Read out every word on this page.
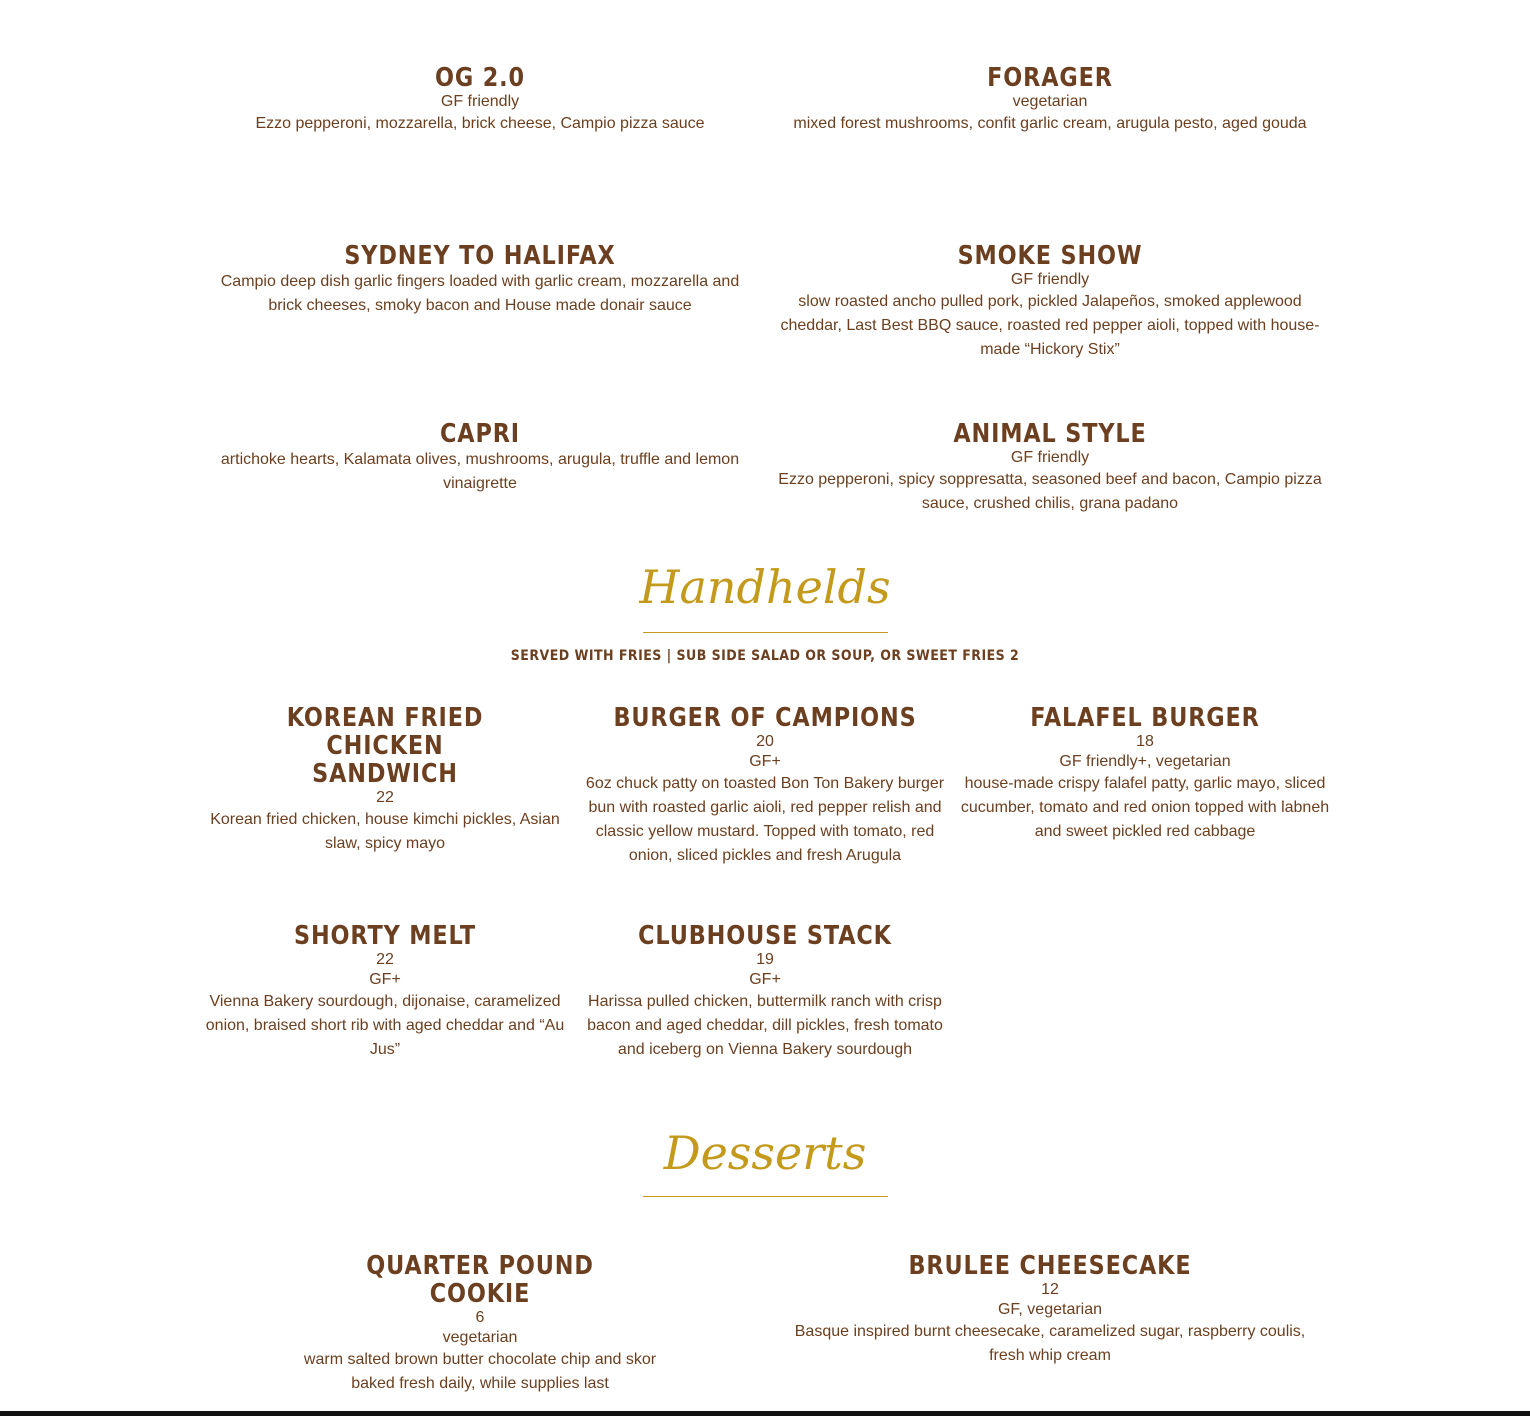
OG 2.0
GF friendly
Ezzo pepperoni, mozzarella, brick cheese, Campio pizza sauce
FORAGER
vegetarian
mixed forest mushrooms, confit garlic cream, arugula pesto, aged gouda
SYDNEY TO HALIFAX
Campio deep dish garlic fingers loaded with garlic cream, mozzarella and brick cheeses, smoky bacon and House made donair sauce
SMOKE SHOW
GF friendly
slow roasted ancho pulled pork, pickled Jalapeños, smoked applewood cheddar, Last Best BBQ sauce, roasted red pepper aioli, topped with house-made “Hickory Stix”
CAPRI
artichoke hearts, Kalamata olives, mushrooms, arugula, truffle and lemon vinaigrette
ANIMAL STYLE
GF friendly
Ezzo pepperoni, spicy soppresatta, seasoned beef and bacon, Campio pizza sauce, crushed chilis, grana padano
Handhelds
SERVED WITH FRIES | SUB SIDE SALAD OR SOUP, OR SWEET FRIES 2
KOREAN FRIED CHICKEN SANDWICH
22
Korean fried chicken, house kimchi pickles, Asian slaw, spicy mayo
BURGER OF CAMPIONS
20
GF+
6oz chuck patty on toasted Bon Ton Bakery burger bun with roasted garlic aioli, red pepper relish and classic yellow mustard. Topped with tomato, red onion, sliced pickles and fresh Arugula
FALAFEL BURGER
18
GF friendly+, vegetarian
house-made crispy falafel patty, garlic mayo, sliced cucumber, tomato and red onion topped with labneh and sweet pickled red cabbage
SHORTY MELT
22
GF+
Vienna Bakery sourdough, dijonaise, caramelized onion, braised short rib with aged cheddar and “Au Jus”
CLUBHOUSE STACK
19
GF+
Harissa pulled chicken, buttermilk ranch with crisp bacon and aged cheddar, dill pickles, fresh tomato and iceberg on Vienna Bakery sourdough
Desserts
QUARTER POUND COOKIE
6
vegetarian
warm salted brown butter chocolate chip and skor baked fresh daily, while supplies last
BRULEE CHEESECAKE
12
GF, vegetarian
Basque inspired burnt cheesecake, caramelized sugar, raspberry coulis, fresh whip cream
